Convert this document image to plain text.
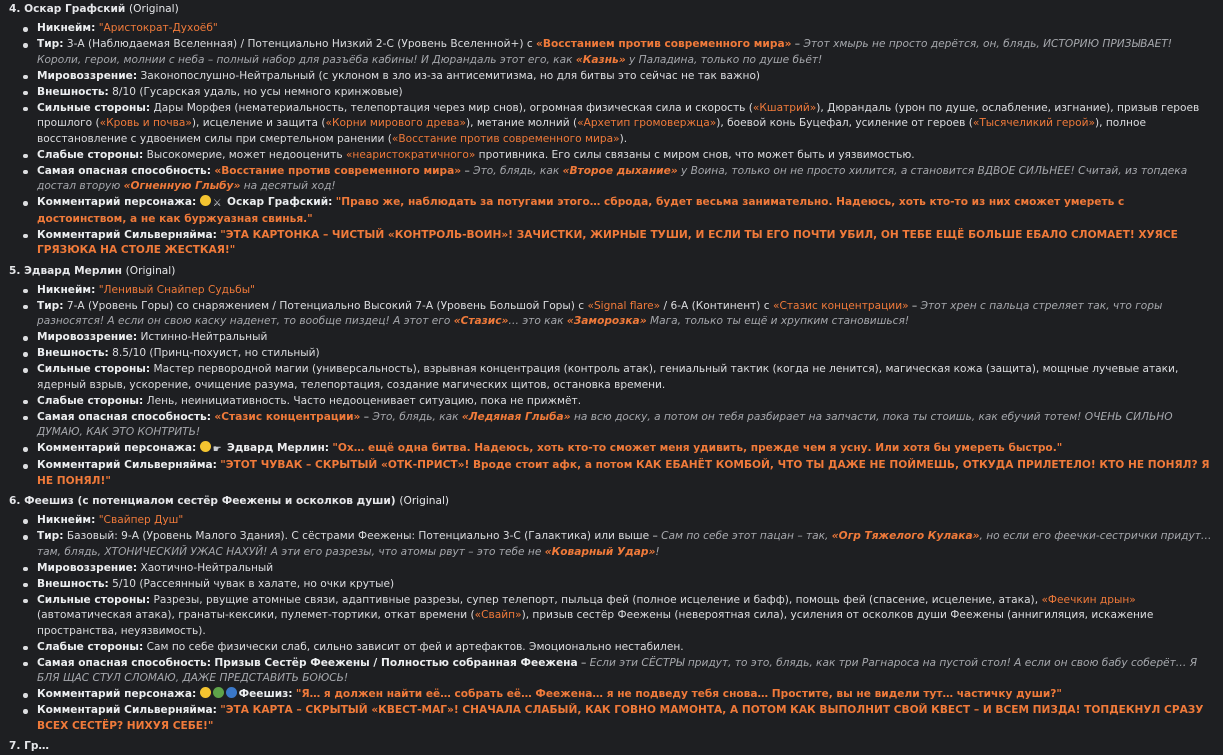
4. Оскар Графский (Original)
Никнейм: "Аристократ-Духоёб"
Тир: 3-А (Наблюдаемая Вселенная) / Потенциально Низкий 2-С (Уровень Вселенной+) с «Восстанием против современного мира» – Этот хмырь не просто дерётся, он, блядь, ИСТОРИЮ ПРИЗЫВАЕТ! Короли, герои, молнии с неба – полный набор для разъёба кабины! И Дюрандаль этот его, как «Казнь» у Паладина, только по душе бьёт!
Мировоззрение: Законопослушно-Нейтральный (с уклоном в зло из-за антисемитизма, но для битвы это сейчас не так важно)
Внешность: 8/10 (Гусарская удаль, но усы немного кринжовые)
Сильные стороны: Дары Морфея (нематериальность, телепортация через мир снов), огромная физическая сила и скорость («Кшатрий»), Дюрандаль (урон по душе, ослабление, изгнание), призыв героев прошлого («Кровь и почва»), исцеление и защита («Корни мирового древа»), метание молний («Архетип громовержца»), боевой конь Буцефал, усиление от героев («Тысячеликий герой»), полное восстановление с удвоением силы при смертельном ранении («Восстание против современного мира»).
Слабые стороны: Высокомерие, может недооценить «неаристократичного» противника. Его силы связаны с миром снов, что может быть и уязвимостью.
Самая опасная способность: «Восстание против современного мира» – Это, блядь, как «Второе дыхание» у Воина, только он не просто хилится, а становится ВДВОЕ СИЛЬНЕЕ! Считай, из топдека достал вторую «Огненную Глыбу» на десятый ход!
Комментарий персонажа: ⚔ Оскар Графский: "Право же, наблюдать за потугами этого… сброда, будет весьма занимательно. Надеюсь, хоть кто-то из них сможет умереть с достоинством, а не как буржуазная свинья."
Комментарий Сильверняйма: "ЭТА КАРТОНКА – ЧИСТЫЙ «КОНТРОЛЬ-ВОИН»! ЗАЧИСТКИ, ЖИРНЫЕ ТУШИ, И ЕСЛИ ТЫ ЕГО ПОЧТИ УБИЛ, ОН ТЕБЕ ЕЩЁ БОЛЬШЕ ЕБАЛО СЛОМАЕТ! ХУЯСЕ ГРЯЗЮКА НА СТОЛЕ ЖЕСТКАЯ!"
5. Эдвард Мерлин (Original)
Никнейм: "Ленивый Снайпер Судьбы"
Тир: 7-А (Уровень Горы) со снаряжением / Потенциально Высокий 7-А (Уровень Большой Горы) с «Signal flare» / 6-А (Континент) с «Стазис концентрации» – Этот хрен с пальца стреляет так, что горы разносятся! А если он свою каску наденет, то вообще пиздец! А этот его «Стазис»… это как «Заморозка» Мага, только ты ещё и хрупким становишься!
Мировоззрение: Истинно-Нейтральный
Внешность: 8.5/10 (Принц-похуист, но стильный)
Сильные стороны: Мастер первородной магии (универсальность), взрывная концентрация (контроль атак), гениальный тактик (когда не ленится), магическая кожа (защита), мощные лучевые атаки, ядерный взрыв, ускорение, очищение разума, телепортация, создание магических щитов, остановка времени.
Слабые стороны: Лень, неинициативность. Часто недооценивает ситуацию, пока не прижмёт.
Самая опасная способность: «Стазис концентрации» – Это, блядь, как «Ледяная Глыба» на всю доску, а потом он тебя разбирает на запчасти, пока ты стоишь, как ебучий тотем! ОЧЕНЬ СИЛЬНО ДУМАЮ, КАК ЭТО КОНТРИТЬ!
Комментарий персонажа: ☛ Эдвард Мерлин: "Ох… ещё одна битва. Надеюсь, хоть кто-то сможет меня удивить, прежде чем я усну. Или хотя бы умереть быстро."
Комментарий Сильверняйма: "ЭТОТ ЧУВАК – СКРЫТЫЙ «ОТК-ПРИСТ»! Вроде стоит афк, а потом КАК ЕБАНЁТ КОМБОЙ, ЧТО ТЫ ДАЖЕ НЕ ПОЙМЕШЬ, ОТКУДА ПРИЛЕТЕЛО! КТО НЕ ПОНЯЛ? Я НЕ ПОНЯЛ!"
6. Феешиз (с потенциалом сестёр Феежены и осколков души) (Original)
Никнейм: "Свайпер Душ"
Тир: Базовый: 9-А (Уровень Малого Здания). С сёстрами Феежены: Потенциально 3-С (Галактика) или выше – Сам по себе этот пацан – так, «Огр Тяжелого Кулака», но если его феечки-сестрички придут… там, блядь, ХТОНИЧЕСКИЙ УЖАС НАХУЙ! А эти его разрезы, что атомы рвут – это тебе не «Коварный Удар»!
Мировоззрение: Хаотично-Нейтральный
Внешность: 5/10 (Рассеянный чувак в халате, но очки крутые)
Сильные стороны: Разрезы, рвущие атомные связи, адаптивные разрезы, супер телепорт, пыльца фей (полное исцеление и бафф), помощь фей (спасение, исцеление, атака), «Феечкин дрын» (автоматическая атака), гранаты-кексики, пулемет-тортики, откат времени («Свайп»), призыв сестёр Феежены (невероятная сила), усиления от осколков души Феежены (аннигиляция, искажение пространства, неуязвимость).
Слабые стороны: Сам по себе физически слаб, сильно зависит от фей и артефактов. Эмоционально нестабилен.
Самая опасная способность: Призыв Сестёр Феежены / Полностью собранная Феежена – Если эти СЁСТРЫ придут, то это, блядь, как три Рагнароса на пустой стол! А если он свою бабу соберёт… Я БЛЯ ЩАС СТУЛ СЛОМАЮ, ДАЖЕ ПРЕДСТАВИТЬ БОЮСЬ!
Комментарий персонажа:	Феешиз: "Я… я должен найти её… собрать её… Феежена… я не подведу тебя снова… Простите, вы не видели тут… частичку души?"
Комментарий Сильверняйма: "ЭТА КАРТА – СКРЫТЫЙ «КВЕСТ-МАГ»! СНАЧАЛА СЛАБЫЙ, КАК ГОВНО МАМОНТА, А ПОТОМ КАК ВЫПОЛНИТ СВОЙ КВЕСТ – И ВСЕМ ПИЗДА! ТОПДЕКНУЛ СРАЗУ ВСЕХ СЕСТЁР? НИХУЯ СЕБЕ!"
7. Гр…
